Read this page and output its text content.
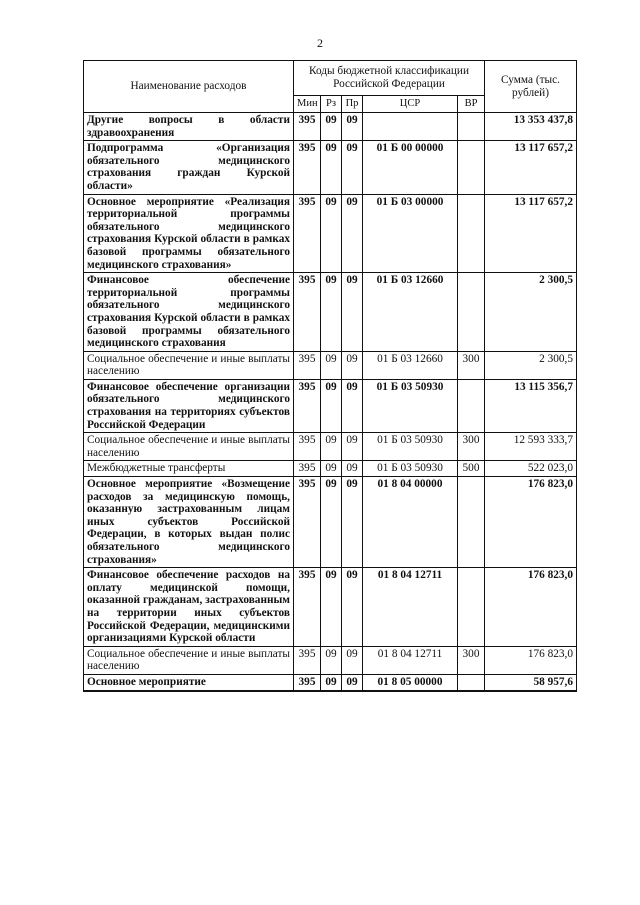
2
Наименование расходов	Коды бюджетной классификации Российской Федерации					Сумма (тыс. рублей)
	Мин	Рз	Пр	ЦСР	ВР	
Другие вопросы в области здравоохранения	395	09	09			13 353 437,8
Подпрограмма «Организация обязательного медицинского страхования граждан Курской области»	395	09	09	01 Б 00 00000		13 117 657,2
Основное мероприятие «Реализация территориальной программы обязательного медицинского страхования Курской области в рамках базовой программы обязательного медицинского страхования»	395	09	09	01 Б 03 00000		13 117 657,2
Финансовое обеспечение территориальной программы обязательного медицинского страхования Курской области в рамках базовой программы обязательного медицинского страхования	395	09	09	01 Б 03 12660		2 300,5
Социальное обеспечение и иные выплаты населению	395	09	09	01 Б 03 12660	300	2 300,5
Финансовое обеспечение организации обязательного медицинского страхования на территориях субъектов Российской Федерации	395	09	09	01 Б 03 50930		13 115 356,7
Социальное обеспечение и иные выплаты населению	395	09	09	01 Б 03 50930	300	12 593 333,7
Межбюджетные трансферты	395	09	09	01 Б 03 50930	500	522 023,0
Основное мероприятие «Возмещение расходов за медицинскую помощь, оказанную застрахованным лицам иных субъектов Российской Федерации, в которых выдан полис обязательного медицинского страхования»	395	09	09	01 8 04 00000		176 823,0
Финансовое обеспечение расходов на оплату медицинской помощи, оказанной гражданам, застрахованным на территории иных субъектов Российской Федерации, медицинскими организациями Курской области	395	09	09	01 8 04 12711		176 823,0
Социальное обеспечение и иные выплаты населению	395	09	09	01 8 04 12711	300	176 823,0
Основное мероприятие	395	09	09	01 8 05 00000		58 957,6
